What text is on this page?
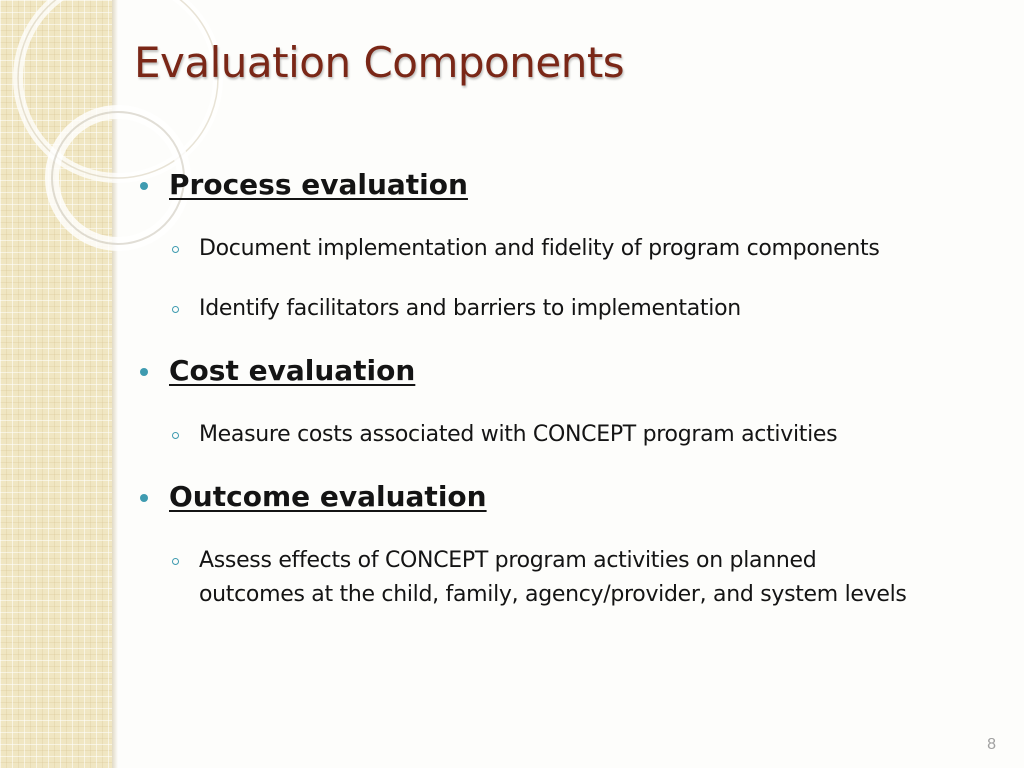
Evaluation Components
Process evaluation
Document implementation and fidelity of program components
Identify facilitators and barriers to implementation
Cost evaluation
Measure costs associated with CONCEPT program activities
Outcome evaluation
Assess effects of CONCEPT program activities on planned
outcomes at the child, family, agency/provider, and system levels
8
